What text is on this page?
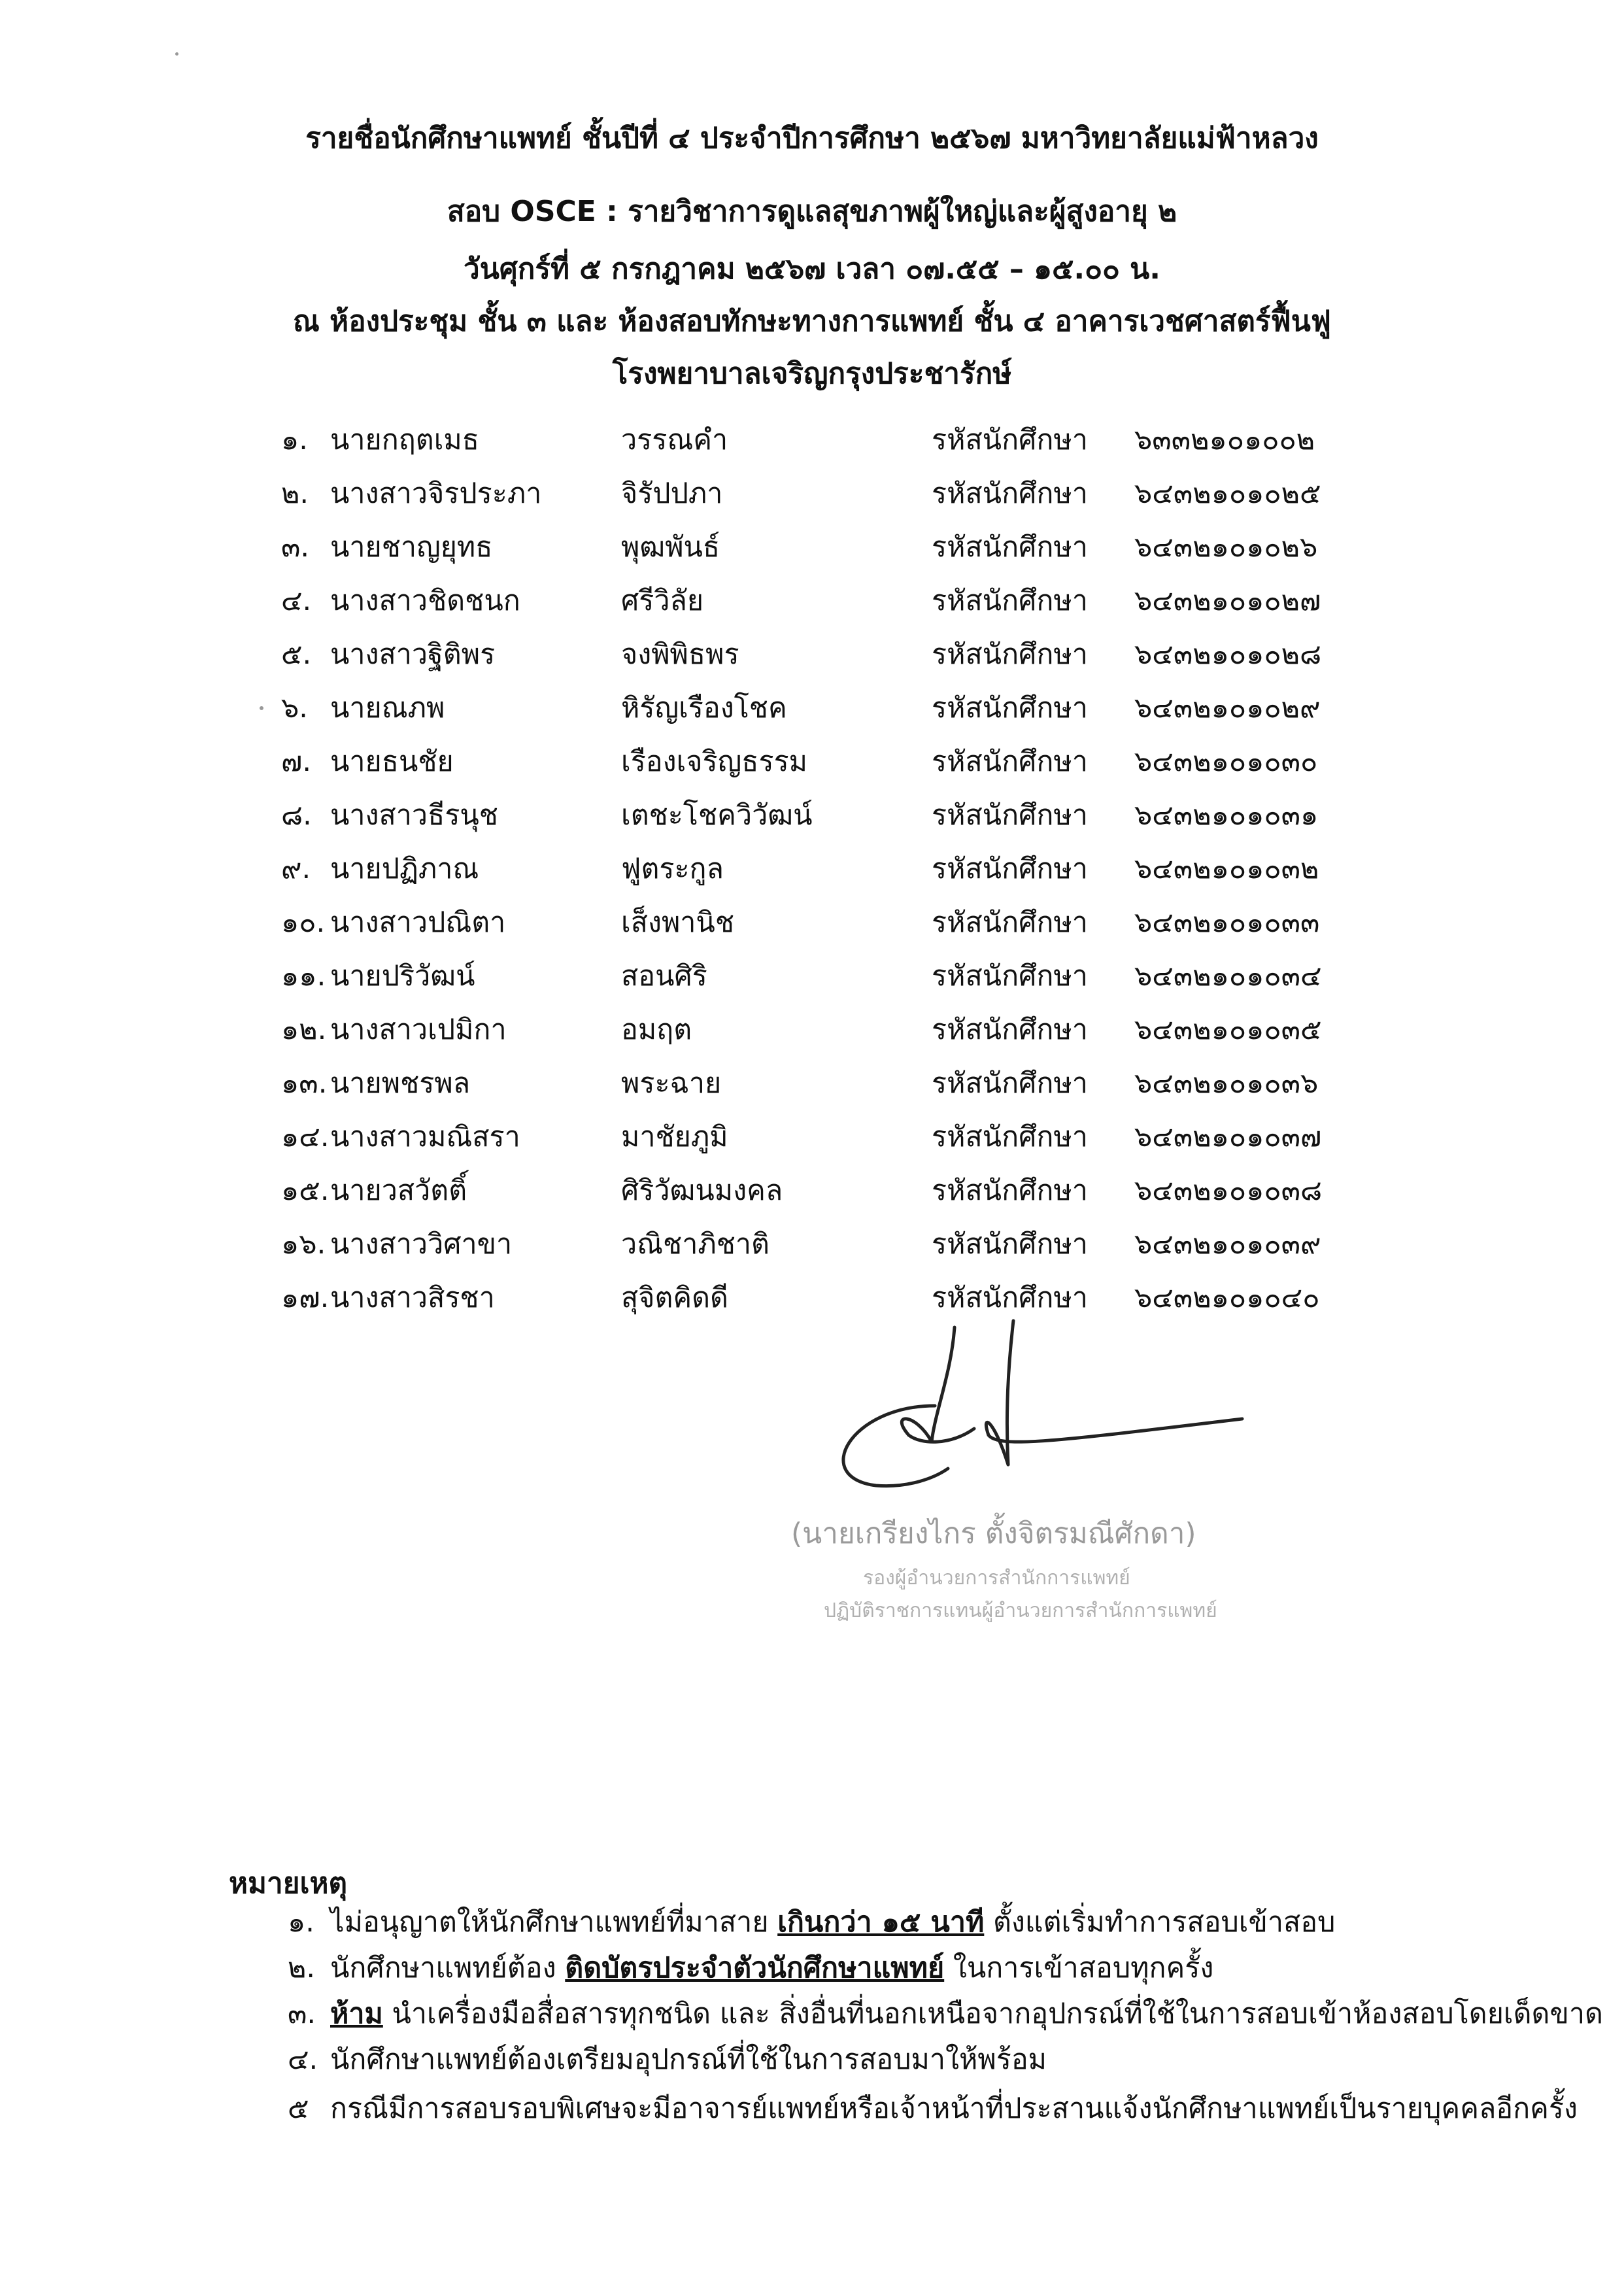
รายชื่อนักศึกษาแพทย์ ชั้นปีที่ ๔ ประจำปีการศึกษา ๒๕๖๗ มหาวิทยาลัยแม่ฟ้าหลวง
สอบ OSCE : รายวิชาการดูแลสุขภาพผู้ใหญ่และผู้สูงอายุ ๒
วันศุกร์ที่ ๕ กรกฎาคม ๒๕๖๗ เวลา ๐๗.๕๕ – ๑๕.๐๐ น.
ณ ห้องประชุม ชั้น ๓ และ ห้องสอบทักษะทางการแพทย์ ชั้น ๔ อาคารเวชศาสตร์ฟื้นฟู
โรงพยาบาลเจริญกรุงประชารักษ์
๑. นายกฤตเมธ	วรรณคำ	รหัสนักศึกษา ๖๓๓๒๑๐๑๐๐๒
๒. นางสาวจิรประภา	จิรัปปภา	รหัสนักศึกษา ๖๔๓๒๑๐๑๐๒๕
๓. นายชาญยุทธ	พุฒพันธ์	รหัสนักศึกษา ๖๔๓๒๑๐๑๐๒๖
๔. นางสาวชิดชนก	ศรีวิลัย	รหัสนักศึกษา ๖๔๓๒๑๐๑๐๒๗
๕. นางสาวฐิติพร	จงพิพิธพร	รหัสนักศึกษา ๖๔๓๒๑๐๑๐๒๘
๖. นายณภพ	หิรัญเรืองโชค	รหัสนักศึกษา ๖๔๓๒๑๐๑๐๒๙
๗. นายธนชัย	เรืองเจริญธรรม	รหัสนักศึกษา ๖๔๓๒๑๐๑๐๓๐
๘. นางสาวธีรนุช	เตชะโชควิวัฒน์	รหัสนักศึกษา ๖๔๓๒๑๐๑๐๓๑
๙. นายปฏิภาณ	ฟูตระกูล	รหัสนักศึกษา ๖๔๓๒๑๐๑๐๓๒
๑๐. นางสาวปณิตา	เส็งพานิช	รหัสนักศึกษา ๖๔๓๒๑๐๑๐๓๓
๑๑. นายปริวัฒน์	สอนศิริ	รหัสนักศึกษา ๖๔๓๒๑๐๑๐๓๔
๑๒. นางสาวเปมิกา	อมฤต	รหัสนักศึกษา ๖๔๓๒๑๐๑๐๓๕
๑๓. นายพชรพล	พระฉาย	รหัสนักศึกษา ๖๔๓๒๑๐๑๐๓๖
๑๔. นางสาวมณิสรา	มาชัยภูมิ	รหัสนักศึกษา ๖๔๓๒๑๐๑๐๓๗
๑๕. นายวสวัตติ์	ศิริวัฒนมงคล	รหัสนักศึกษา ๖๔๓๒๑๐๑๐๓๘
๑๖. นางสาววิศาขา	วณิชาภิชาติ	รหัสนักศึกษา ๖๔๓๒๑๐๑๐๓๙
๑๗. นางสาวสิรชา	สุจิตคิดดี	รหัสนักศึกษา ๖๔๓๒๑๐๑๐๔๐
(นายเกรียงไกร ตั้งจิตรมณีศักดา)
รองผู้อำนวยการสำนักการแพทย์
ปฏิบัติราชการแทนผู้อำนวยการสำนักการแพทย์
หมายเหตุ
๑. ไม่อนุญาตให้นักศึกษาแพทย์ที่มาสาย เกินกว่า ๑๕ นาที ตั้งแต่เริ่มทำการสอบเข้าสอบ
๒. นักศึกษาแพทย์ต้อง ติดบัตรประจำตัวนักศึกษาแพทย์ ในการเข้าสอบทุกครั้ง
๓. ห้าม นำเครื่องมือสื่อสารทุกชนิด และ สิ่งอื่นที่นอกเหนือจากอุปกรณ์ที่ใช้ในการสอบเข้าห้องสอบโดยเด็ดขาด
๔. นักศึกษาแพทย์ต้องเตรียมอุปกรณ์ที่ใช้ในการสอบมาให้พร้อม
๕ กรณีมีการสอบรอบพิเศษจะมีอาจารย์แพทย์หรือเจ้าหน้าที่ประสานแจ้งนักศึกษาแพทย์เป็นรายบุคคลอีกครั้ง
